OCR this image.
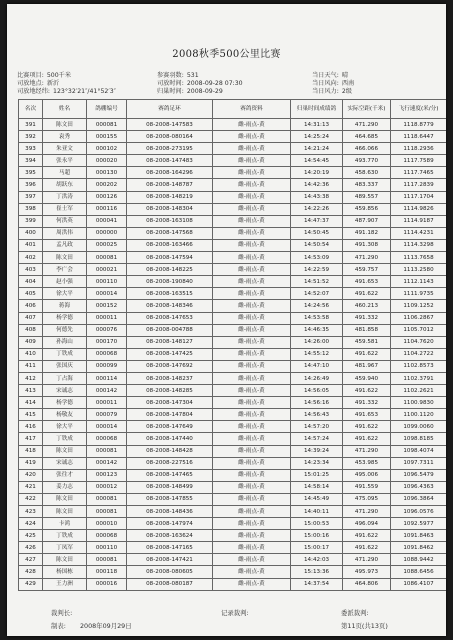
2008秋季500公里比赛
比赛项目: 500千米	参赛羽数: 531	当日天气: 晴
司放地点: 新沂	司放时间: 2008-09-28 07:30	当日风向: 西南
司放地经纬: 123°32′21″/41°52′3″	归巢时间: 2008-09-29	当日风力: 2级
名次	姓名	鸽棚编号	赛鸽足环	赛鸽资料	归巢时间成绩鸽	实际空距(千米)	飞行速度(米/分)
391	陈文田	000081	08-2008-147583	雌-雨点-黄	14:31:13	471.290	1118.8779
392	袁秀	000155	08-2008-080164	雌-雨点-黄	14:25:24	464.685	1118.6447
393	朱亚文	000102	08-2008-273195	雌-雨点-黄	14:21:24	466.066	1118.2936
394	张永平	000020	08-2008-147483	雌-雨点-黄	14:54:45	493.770	1117.7589
395	马超	000130	08-2008-164296	雌-雨点-黄	14:20:19	458.630	1117.7465
396	胡跃东	000202	08-2008-148787	雌-雨点-黄	14:42:36	483.337	1117.2839
397	丁洪涛	000126	08-2008-148219	雌-雨点-黄	14:43:38	489.557	1117.1704
398	崔士军	000116	08-2008-148304	雌-雨点-黄	14:22:26	459.856	1114.9826
399	何洪英	000041	08-2008-163108	雌-雨点-黄	14:47:37	487.907	1114.9187
400	周洪伟	000000	08-2008-147568	雌-雨点-黄	14:50:45	491.182	1114.4231
401	孟凡政	000025	08-2008-163466	雌-雨点-黄	14:50:54	491.308	1114.3298
402	陈文田	000081	08-2008-147594	雌-雨点-黄	14:53:09	471.290	1113.7658
403	李广会	000021	08-2008-148225	雌-雨点-黄	14:22:59	459.757	1113.2580
404	赵小强	000110	08-2008-190840	雌-雨点-黄	14:51:52	491.653	1112.1143
405	徐大平	000014	08-2008-163515	雌-雨点-黄	14:52:07	491.622	1111.9735
406	蒋海	000152	08-2008-148346	雌-雨点-黄	14:24:56	460.213	1109.1252
407	杨学德	000011	08-2008-147653	雌-雨点-黄	14:53:58	491.332	1106.2867
408	何德先	000076	08-2008-004788	雌-雨点-黄	14:46:35	481.858	1105.7012
409	孙海山	000170	08-2008-148127	雌-雨点-黄	14:26:00	459.581	1104.7620
410	丁铁成	000068	08-2008-147425	雌-雨点-黄	14:55:12	491.622	1104.2722
411	张国庆	000099	08-2008-147692	雌-雨点-黄	14:47:10	481.967	1102.8573
412	丁占海	000114	08-2008-148237	雌-雨点-黄	14:26:49	459.940	1102.3791
413	宋诚志	000142	08-2008-148285	雌-雨点-黄	14:56:05	491.622	1102.2621
414	杨学德	000011	08-2008-147304	雌-雨点-黄	14:56:16	491.332	1100.9830
415	杨敬友	000079	08-2008-147804	雌-雨点-黄	14:56:43	491.653	1100.1120
416	徐大平	000014	08-2008-147649	雌-雨点-黄	14:57:20	491.622	1099.0060
417	丁铁成	000068	08-2008-147440	雌-雨点-黄	14:57:24	491.622	1098.8185
418	陈文田	000081	08-2008-148428	雌-雨点-黄	14:39:24	471.290	1098.4074
419	宋诚志	000142	08-2008-227516	雌-雨点-黄	14:23:34	453.985	1097.7311
420	张往才	000123	08-2008-147465	雌-雨点-黄	15:01:25	495.006	1096.5479
421	姜力志	000012	08-2008-148499	雌-雨点-黄	14:58:14	491.559	1096.4363
422	陈文田	000081	08-2008-147855	雌-雨点-黄	14:45:49	475.095	1096.3864
423	陈文田	000081	08-2008-148436	雌-雨点-黄	14:40:11	471.290	1096.0576
424	卡鸿	000010	08-2008-147974	雌-雨点-黄	15:00:53	496.094	1092.5977
425	丁铁成	000068	08-2008-163624	雌-雨点-黄	15:00:16	491.622	1091.8463
426	丁凤军	000110	08-2008-147165	雌-雨点-黄	15:00:17	491.622	1091.8462
427	陈文田	000081	08-2008-147421	雌-雨点-黄	14:42:03	471.290	1088.9442
428	杨国栋	000118	08-2008-080605	雌-雨点-黄	15:13:36	495.973	1088.6456
429	王力洲	000016	08-2008-080187	雌-雨点-黄	14:37:54	464.806	1086.4107
裁判长:	记录裁判:	委派裁判:
制表: 2008年09月29日	第11页(共13页)
